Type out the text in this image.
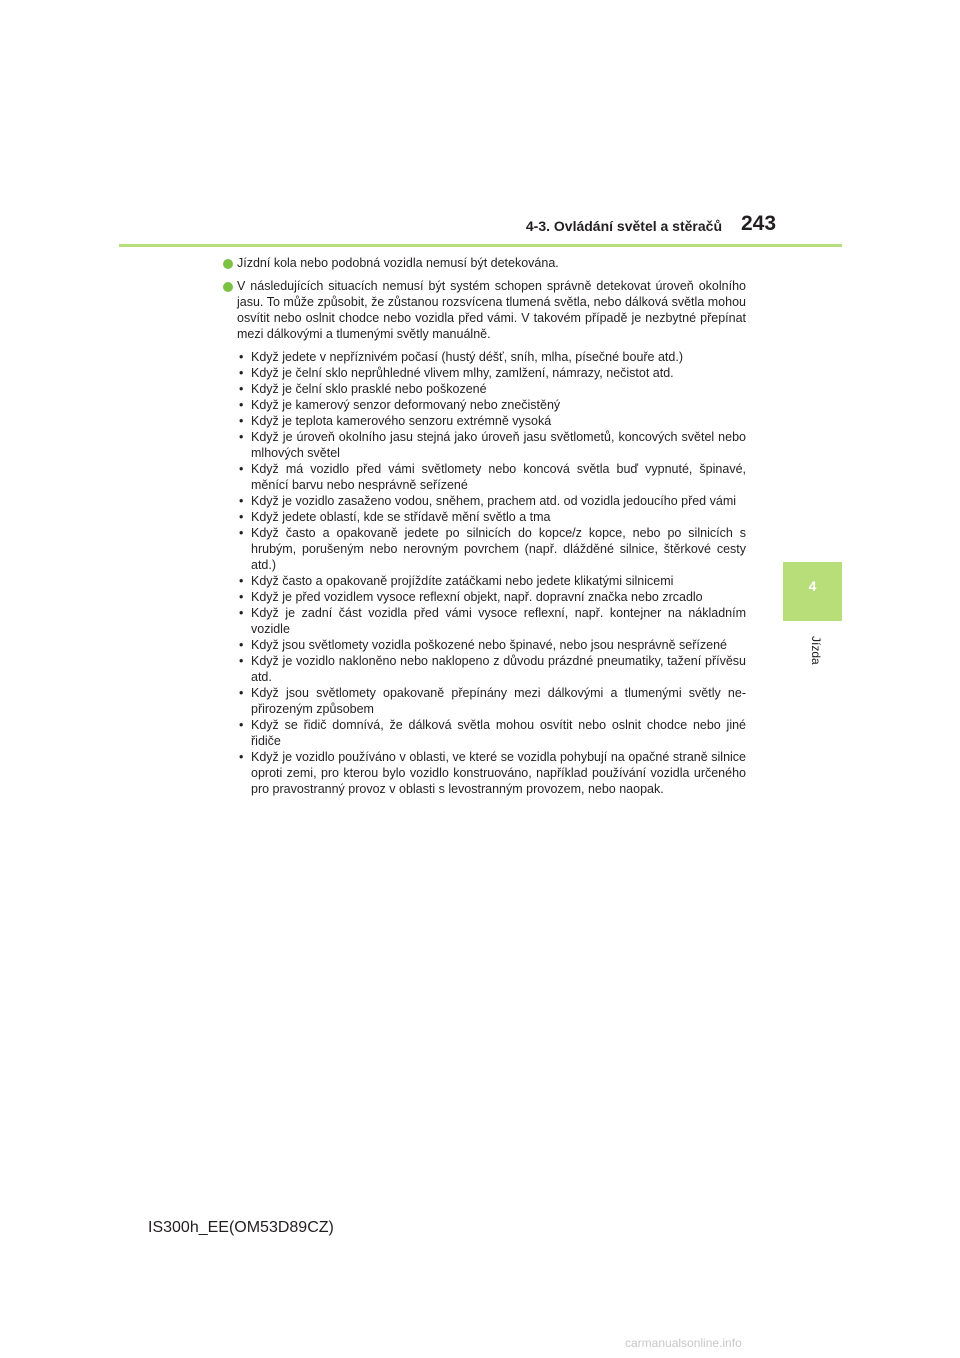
4-3. Ovládání světel a stěračů 243
4
Jízda

Jízdní kola nebo podobná vozidla nemusí být detekována.

V následujících situacích nemusí být systém schopen správně detekovat úroveň okolního jasu. To může způsobit, že zůstanou rozsvícena tlumená světla, nebo dálková světla mohou osvítit nebo oslnit chodce nebo vozidla před vámi. V takovém případě je nezbytné přepínat mezi dálkovými a tlumenými světly manuálně.

• Když jedete v nepříznivém počasí (hustý déšť, sníh, mlha, písečné bouře atd.)
• Když je čelní sklo neprůhledné vlivem mlhy, zamlžení, námrazy, nečistot atd.
• Když je čelní sklo prasklé nebo poškozené
• Když je kamerový senzor deformovaný nebo znečistěný
• Když je teplota kamerového senzoru extrémně vysoká
• Když je úroveň okolního jasu stejná jako úroveň jasu světlometů, koncových světel nebo mlhových světel
• Když má vozidlo před vámi světlomety nebo koncová světla buď vypnuté, špinavé, měnící barvu nebo nesprávně seřízené
• Když je vozidlo zasaženo vodou, sněhem, prachem atd. od vozidla jedoucího před vámi
• Když jedete oblastí, kde se střídavě mění světlo a tma
• Když často a opakovaně jedete po silnicích do kopce/z kopce, nebo po silnicích s hrubým, porušeným nebo nerovným povrchem (např. dlážděné silnice, štěrkové cesty atd.)
• Když často a opakovaně projíždíte zatáčkami nebo jedete klikatými silnicemi
• Když je před vozidlem vysoce reflexní objekt, např. dopravní značka nebo zrcadlo
• Když je zadní část vozidla před vámi vysoce reflexní, např. kontejner na nákladním vozidle
• Když jsou světlomety vozidla poškozené nebo špinavé, nebo jsou nesprávně seřízené
• Když je vozidlo nakloněno nebo naklopeno z důvodu prázdné pneumatiky, tažení přívěsu atd.
• Když jsou světlomety opakovaně přepínány mezi dálkovými a tlumenými světly ne-přirozeným způsobem
• Když se řidič domnívá, že dálková světla mohou osvítit nebo oslnit chodce nebo jiné řidiče
• Když je vozidlo používáno v oblasti, ve které se vozidla pohybují na opačné straně silnice oproti zemi, pro kterou bylo vozidlo konstruováno, například používání vozidla určeného pro pravostranný provoz v oblasti s levostranným provozem, nebo naopak.
IS300h_EE(OM53D89CZ)
carmanualsonline.info
